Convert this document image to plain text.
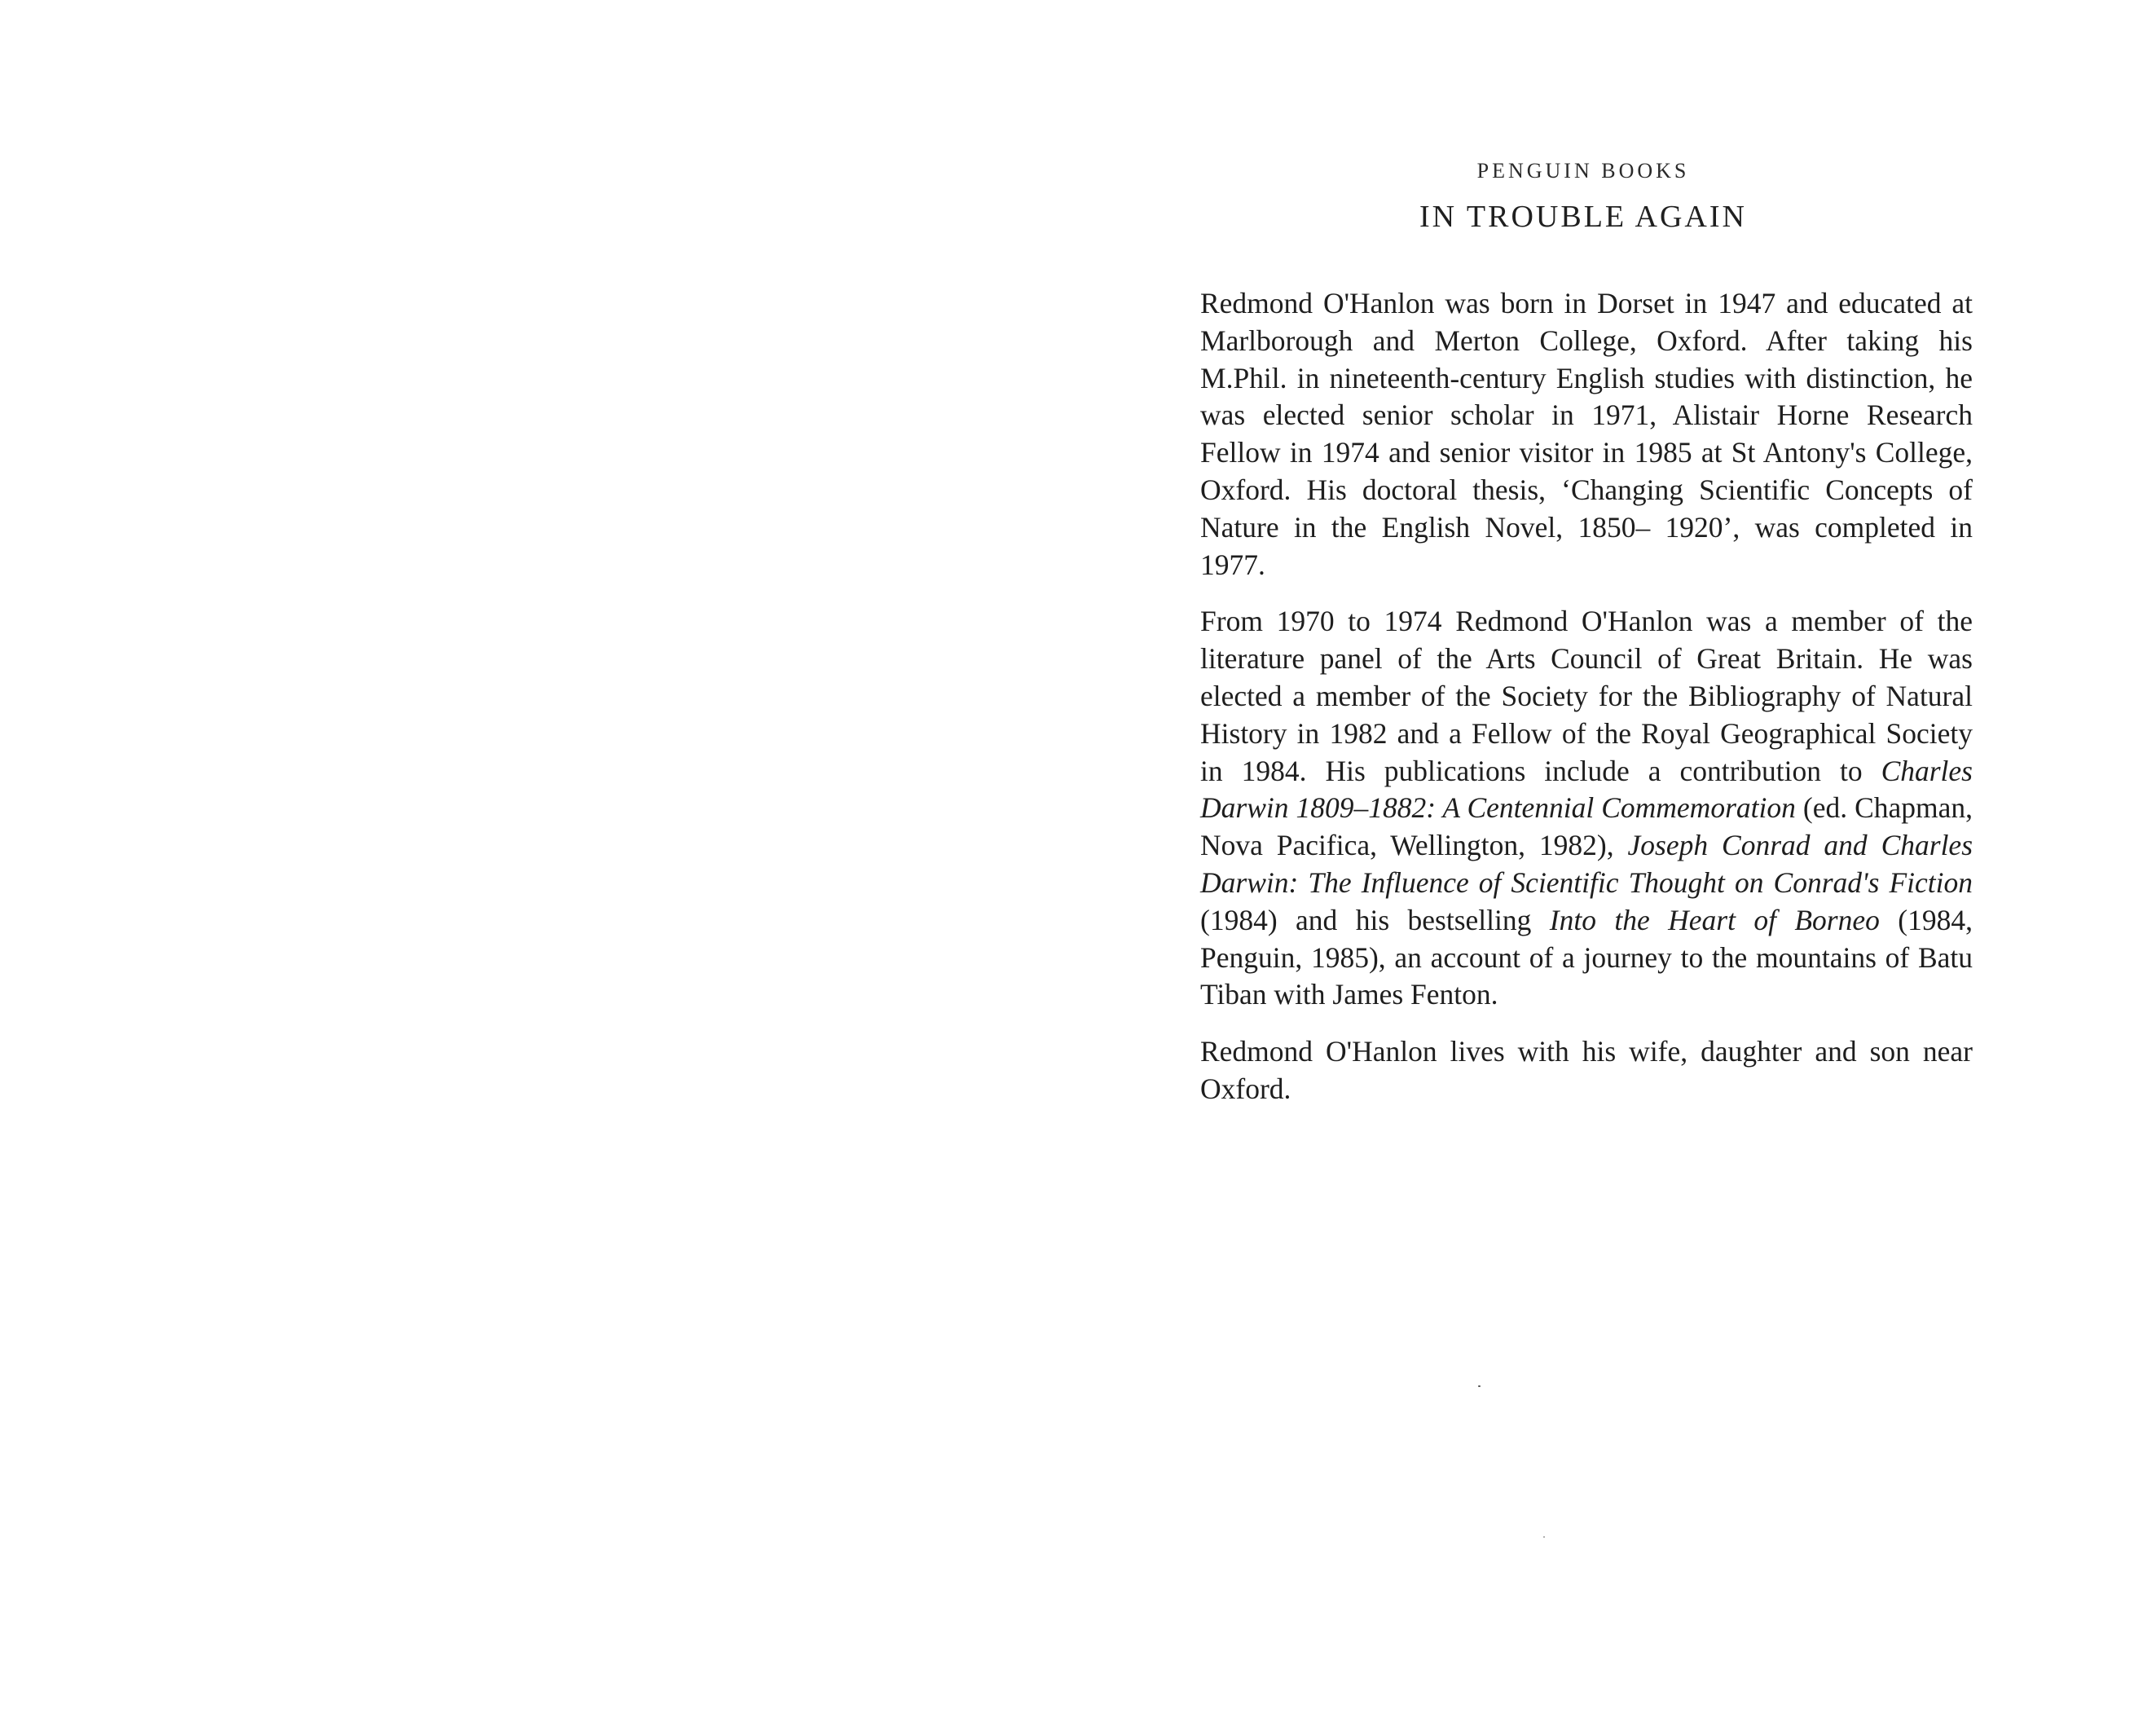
PENGUIN BOOKS
IN TROUBLE AGAIN

Redmond O'Hanlon was born in Dorset in 1947 and educated at Marlborough and Merton College, Oxford. After taking his M.Phil. in nineteenth-century English studies with distinction, he was elected senior scholar in 1971, Alistair Horne Research Fellow in 1974 and senior visitor in 1985 at St Antony's College, Oxford. His doctoral thesis, ‘Changing Scientific Concepts of Nature in the English Novel, 1850– 1920’, was completed in 1977.

From 1970 to 1974 Redmond O'Hanlon was a member of the literature panel of the Arts Council of Great Britain. He was elected a member of the Society for the Bibliography of Natural History in 1982 and a Fellow of the Royal Geographical Society in 1984. His publications include a contribution to Charles Darwin 1809–1882: A Centennial Commemoration (ed. Chapman, Nova Pacifica, Wellington, 1982), Joseph Conrad and Charles Darwin: The Influence of Scientific Thought on Conrad's Fiction (1984) and his bestselling Into the Heart of Borneo (1984, Penguin, 1985), an account of a journey to the mountains of Batu Tiban with James Fenton.

Redmond O'Hanlon lives with his wife, daughter and son near Oxford.
